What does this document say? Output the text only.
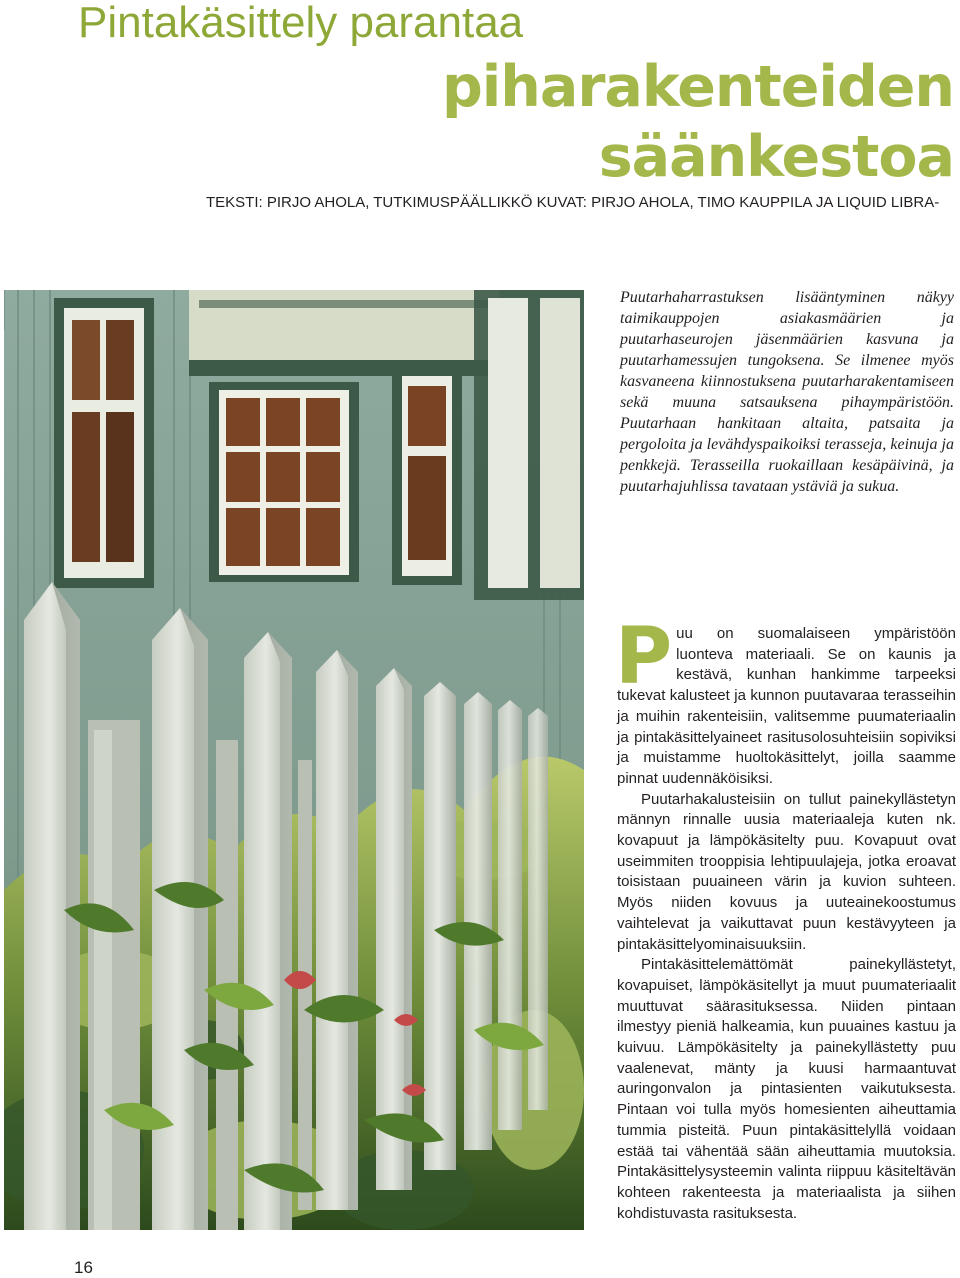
Pintakäsittely parantaa
piharakenteiden
säänkestoa

TEKSTI: PIRJO AHOLA, TUTKIMUSPÄÄLLIKKÖ KUVAT: PIRJO AHOLA, TIMO KAUPPILA JA LIQUID LIBRA-

Puutarhaharrastuksen lisääntyminen näkyy taimikauppojen asiakasmäärien ja puutarhaseurojen jäsenmäärien kasvuna ja puutarhamessujen tungoksena. Se ilmenee myös kasvaneena kiinnostuksena puutarharakentamiseen sekä muuna satsauksena pihaympäristöön. Puutarhaan hankitaan altaita, patsaita ja pergoloita ja levähdyspaikoiksi terasseja, keinuja ja penkkejä. Terasseilla ruokaillaan kesäpäivinä, ja puutarhajuhlissa tavataan ystäviä ja sukua.

Puu on suomalaiseen ympäristöön luonteva materiaali. Se on kaunis ja kestävä, kunhan hankimme tarpeeksi tukevat kalusteet ja kunnon puutavaraa terasseihin ja muihin rakenteisiin, valitsemme puumateriaalin ja pintakäsittelyaineet rasitusolosuhteisiin sopiviksi ja muistamme huoltokäsittelyt, joilla saamme pinnat uudennäköisiksi.

Puutarhakalusteisiin on tullut painekyllästetyn männyn rinnalle uusia materiaaleja kuten nk. kovapuut ja lämpökäsitelty puu. Kovapuut ovat useimmiten trooppisia lehtipuulajeja, jotka eroavat toisistaan puuaineen värin ja kuvion suhteen. Myös niiden kovuus ja uuteainekoostumus vaihtelevat ja vaikuttavat puun kestävyyteen ja pintakäsittelyominaisuuksiin.

Pintakäsittelemättömät painekyllästetyt, kovapuiset, lämpökäsitellyt ja muut puumateriaalit muuttuvat säärasituksessa. Niiden pintaan ilmestyy pieniä halkeamia, kun puuaines kastuu ja kuivuu. Lämpökäsitelty ja painekyllästetty puu vaalenevat, mänty ja kuusi harmaantuvat auringonvalon ja pintasienten vaikutuksesta. Pintaan voi tulla myös homesienten aiheuttamia tummia pisteitä. Puun pintakäsittelyllä voidaan estää tai vähentää sään aiheuttamia muutoksia. Pintakäsittelysysteemin valinta riippuu käsiteltävän kohteen rakenteesta ja materiaalista ja siihen kohdistuvasta rasituksesta.

16
